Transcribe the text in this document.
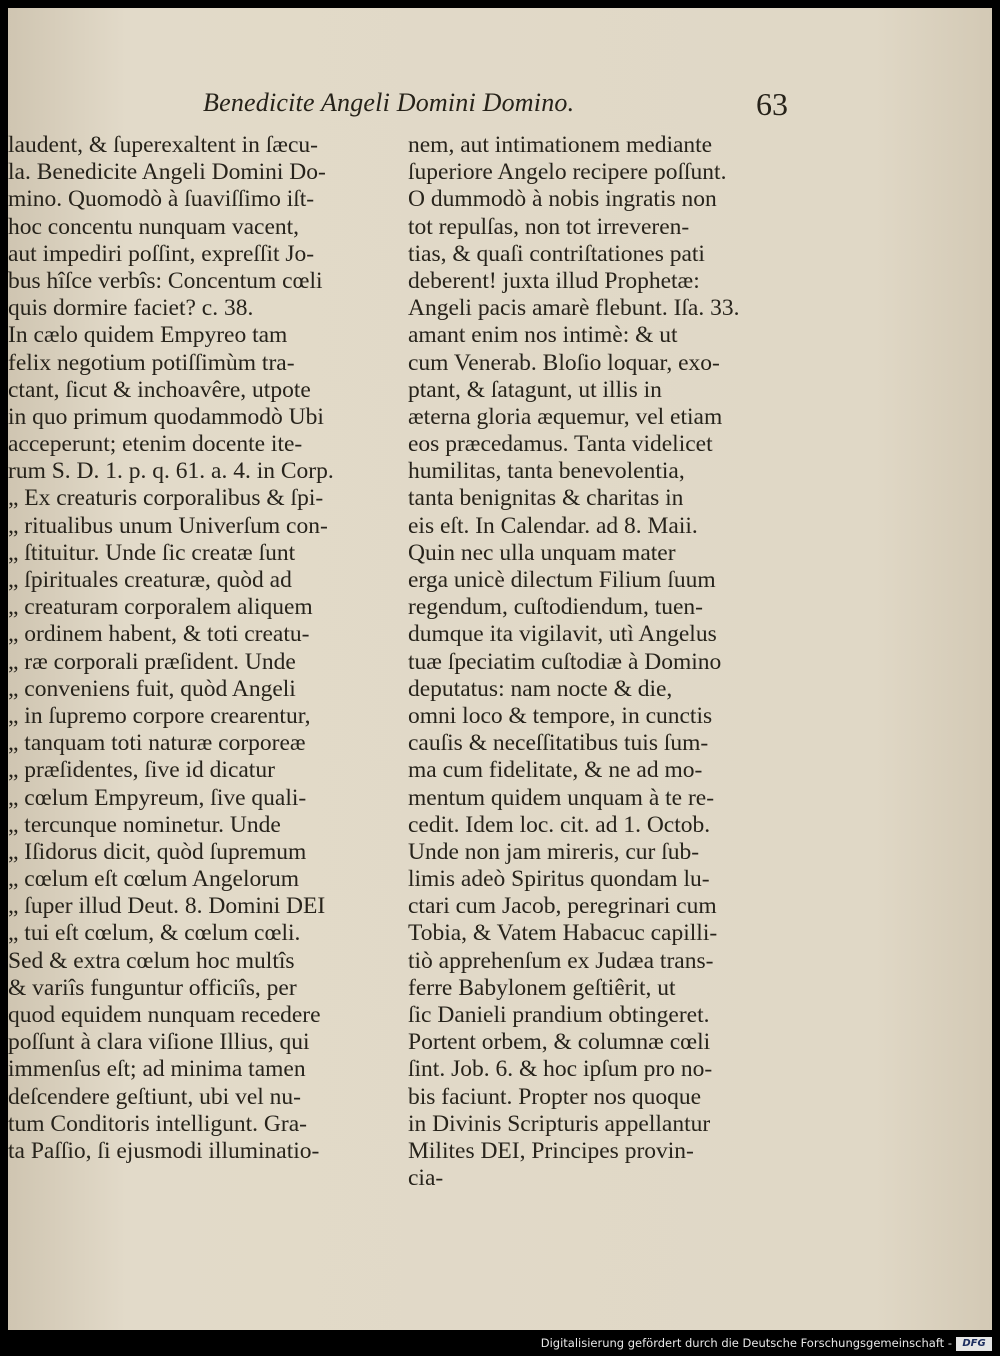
Benedicite Angeli Domini Domino.	63
laudent, & ſuperexaltent in ſæcu-
la. Benedicite Angeli Domini Do-
mino. Quomodò à ſuaviſſimo iſt-
hoc concentu nunquam vacent,
aut impediri poſſint, expreſſit Jo-
bus hîſce verbîs: Concentum cœli
quis dormire faciet? c. 38.
In cælo quidem Empyreo tam
felix negotium potiſſimùm tra-
ctant, ſicut & inchoavêre, utpote
in quo primum quodammodò Ubi
acceperunt; etenim docente ite-
rum S. D. 1. p. q. 61. a. 4. in Corp.
„ Ex creaturis corporalibus & ſpi-
„ ritualibus unum Univerſum con-
„ ſtituitur. Unde ſic creatæ ſunt
„ ſpirituales creaturæ, quòd ad
„ creaturam corporalem aliquem
„ ordinem habent, & toti creatu-
„ ræ corporali præſident. Unde
„ conveniens fuit, quòd Angeli
„ in ſupremo corpore crearentur,
„ tanquam toti naturæ corporeæ
„ præſidentes, ſive id dicatur
„ cœlum Empyreum, ſive quali-
„ tercunque nominetur. Unde
„ Iſidorus dicit, quòd ſupremum
„ cœlum eſt cœlum Angelorum
„ ſuper illud Deut. 8. Domini DEI
„ tui eſt cœlum, & cœlum cœli.
Sed & extra cœlum hoc multîs
& variîs funguntur officiîs, per
quod equidem nunquam recedere
poſſunt à clara viſione Illius, qui
immenſus eſt; ad minima tamen
deſcendere geſtiunt, ubi vel nu-
tum Conditoris intelligunt. Gra-
ta Paſſio, ſi ejusmodi illuminatio-
nem, aut intimationem mediante
ſuperiore Angelo recipere poſſunt.
O dummodò à nobis ingratis non
tot repulſas, non tot irreveren-
tias, & quaſi contriſtationes pati
deberent! juxta illud Prophetæ:
Angeli pacis amarè flebunt. Iſa. 33.
amant enim nos intimè: & ut
cum Venerab. Bloſio loquar, exo-
ptant, & ſatagunt, ut illis in
æterna gloria æquemur, vel etiam
eos præcedamus. Tanta videlicet
humilitas, tanta benevolentia,
tanta benignitas & charitas in
eis eſt. In Calendar. ad 8. Maii.
Quin nec ulla unquam mater
erga unicè dilectum Filium ſuum
regendum, cuſtodiendum, tuen-
dumque ita vigilavit, utì Angelus
tuæ ſpeciatim cuſtodiæ à Domino
deputatus: nam nocte & die,
omni loco & tempore, in cunctis
cauſis & neceſſitatibus tuis ſum-
ma cum fidelitate, & ne ad mo-
mentum quidem unquam à te re-
cedit. Idem loc. cit. ad 1. Octob.
Unde non jam mireris, cur ſub-
limis adeò Spiritus quondam lu-
ctari cum Jacob, peregrinari cum
Tobia, & Vatem Habacuc capilli-
tiò apprehenſum ex Judæa trans-
ferre Babylonem geſtiêrit, ut
ſic Danieli prandium obtingeret.
Portent orbem, & columnæ cœli
ſint. Job. 6. & hoc ipſum pro no-
bis faciunt. Propter nos quoque
in Divinis Scripturis appellantur
Milites DEI, Principes provin-
cia-
Digitalisierung gefördert durch die Deutsche Forschungsgemeinschaft -	DFG
